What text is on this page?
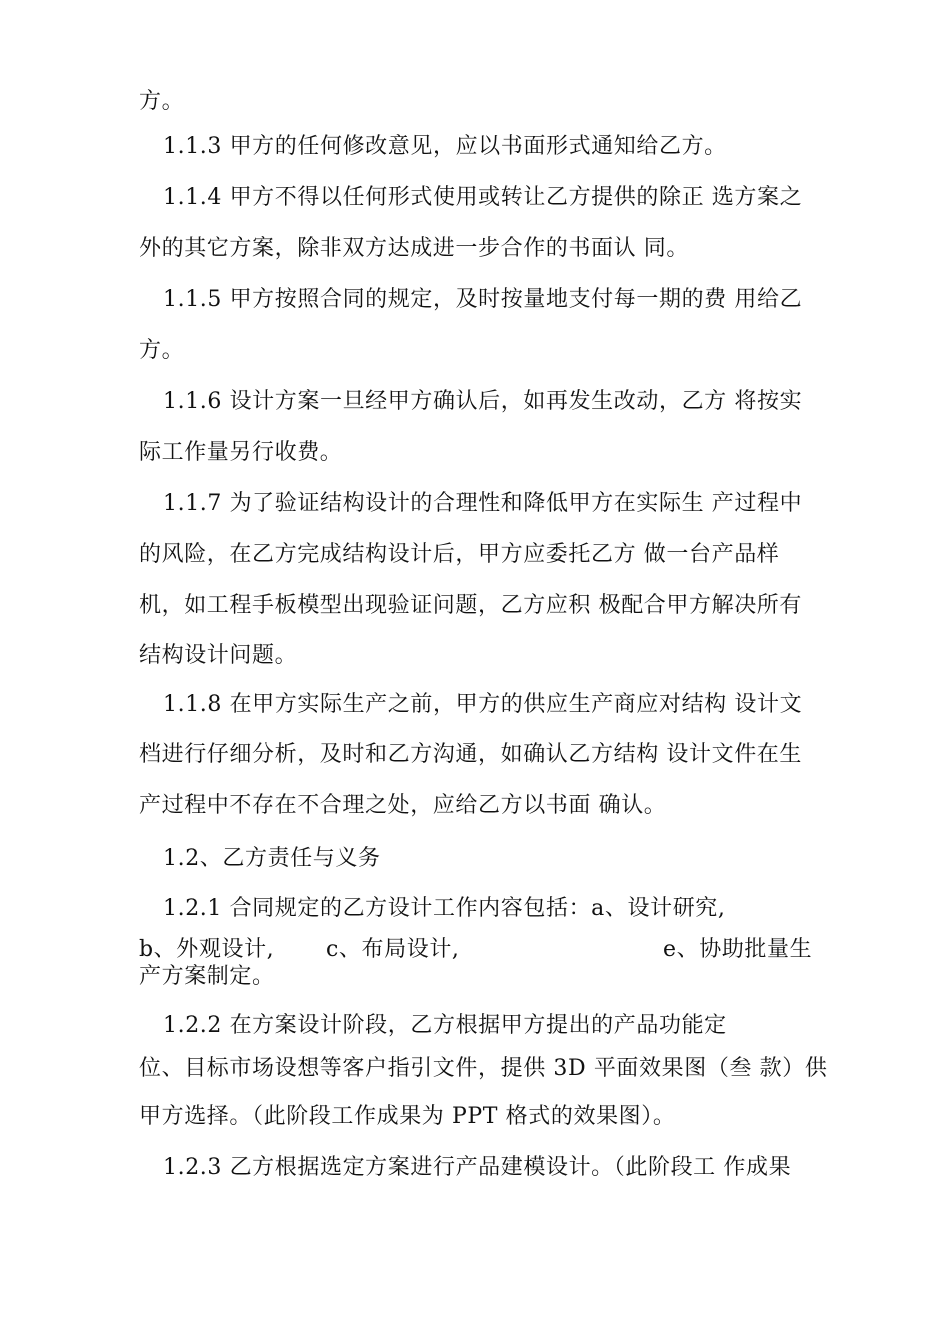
方。
1.1.3 甲方的任何修改意见，应以书面形式通知给乙方。
1.1.4 甲方不得以任何形式使用或转让乙方提供的除正 选方案之
外的其它方案，除非双方达成进一步合作的书面认 同。
1.1.5 甲方按照合同的规定，及时按量地支付每一期的费 用给乙
方。
1.1.6 设计方案一旦经甲方确认后，如再发生改动，乙方 将按实
际工作量另行收费。
1.1.7 为了验证结构设计的合理性和降低甲方在实际生 产过程中
的风险，在乙方完成结构设计后，甲方应委托乙方 做一台产品样
机，如工程手板模型出现验证问题，乙方应积 极配合甲方解决所有
结构设计问题。
1.1.8 在甲方实际生产之前，甲方的供应生产商应对结构 设计文
档进行仔细分析，及时和乙方沟通，如确认乙方结构 设计文件在生
产过程中不存在不合理之处，应给乙方以书面 确认。
1.2、乙方责任与义务
1.2.1 合同规定的乙方设计工作内容包括：a、设计研究,
b、外观设计, c、布局设计,	e、协助批量生
产方案制定。
1.2.2 在方案设计阶段，乙方根据甲方提出的产品功能定
位、目标市场设想等客户指引文件，提供 3D 平面效果图（叁 款）供
甲方选择。（此阶段工作成果为 PPT 格式的效果图）。
1.2.3 乙方根据选定方案进行产品建模设计。（此阶段工 作成果
